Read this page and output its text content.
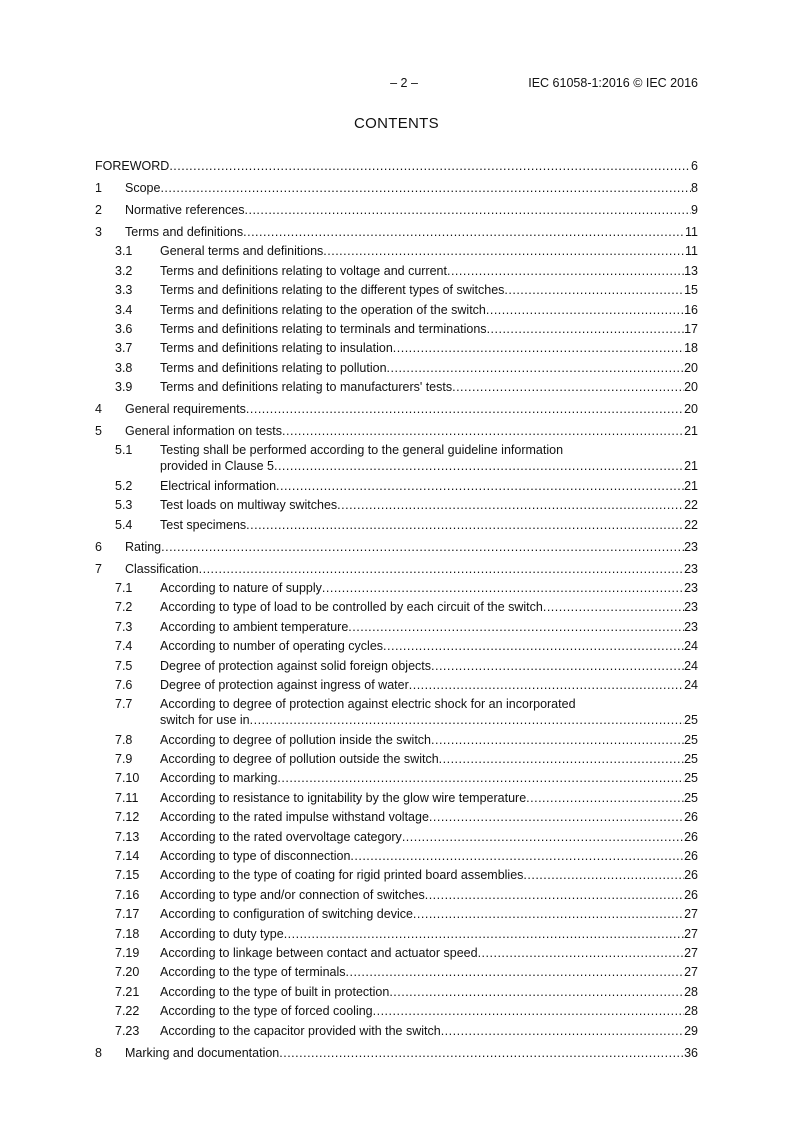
– 2 –	IEC 61058-1:2016 © IEC 2016
CONTENTS
FOREWORD .....	6
1	Scope .....	8
2	Normative references .....	9
3	Terms and definitions .....	11
3.1	General terms and definitions .....	11
3.2	Terms and definitions relating to voltage and current .....	13
3.3	Terms and definitions relating to the different types of switches .....	15
3.4	Terms and definitions relating to the operation of the switch .....	16
3.6	Terms and definitions relating to terminals and terminations .....	17
3.7	Terms and definitions relating to insulation .....	18
3.8	Terms and definitions relating to pollution .....	20
3.9	Terms and definitions relating to manufacturers' tests .....	20
4	General requirements .....	20
5	General information on tests .....	21
5.1	Testing shall be performed according to the general guideline information
provided in Clause 5 .....	21
5.2	Electrical information .....	21
5.3	Test loads on multiway switches .....	22
5.4	Test specimens .....	22
6	Rating .....	23
7	Classification .....	23
7.1	According to nature of supply .....	23
7.2	According to type of load to be controlled by each circuit of the switch .....	23
7.3	According to ambient temperature .....	23
7.4	According to number of operating cycles .....	24
7.5	Degree of protection against solid foreign objects .....	24
7.6	Degree of protection against ingress of water .....	24
7.7	According to degree of protection against electric shock for an incorporated
switch for use in .....	25
7.8	According to degree of pollution inside the switch .....	25
7.9	According to degree of pollution outside the switch .....	25
7.10	According to marking .....	25
7.11	According to resistance to ignitability by the glow wire temperature .....	25
7.12	According to the rated impulse withstand voltage .....	26
7.13	According to the rated overvoltage category .....	26
7.14	According to type of disconnection .....	26
7.15	According to the type of coating for rigid printed board assemblies .....	26
7.16	According to type and/or connection of switches .....	26
7.17	According to configuration of switching device .....	27
7.18	According to duty type .....	27
7.19	According to linkage between contact and actuator speed .....	27
7.20	According to the type of terminals .....	27
7.21	According to the type of built in protection .....	28
7.22	According to the type of forced cooling .....	28
7.23	According to the capacitor provided with the switch .....	29
8	Marking and documentation .....	36
